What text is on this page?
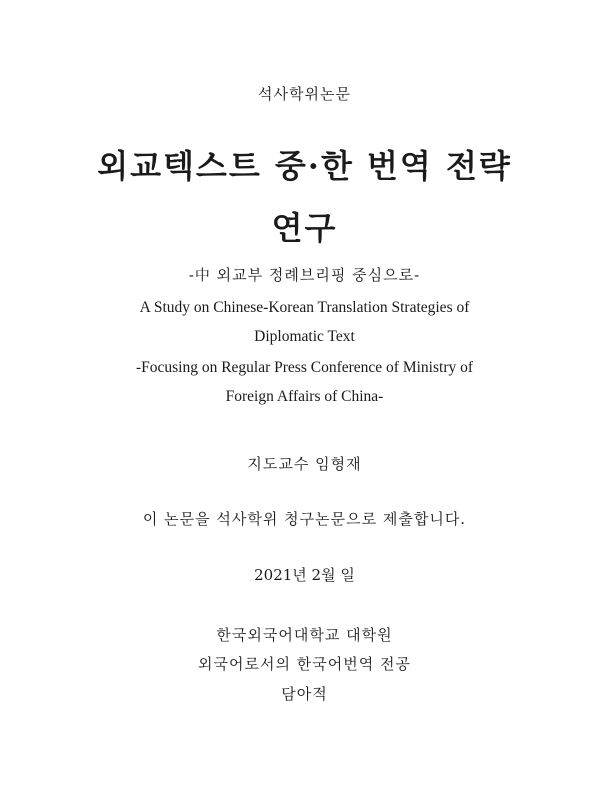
석사학위논문
외교텍스트 중·한 번역 전략
연구
-中 외교부 정례브리핑 중심으로-
A Study on Chinese-Korean Translation Strategies of
Diplomatic Text
-Focusing on Regular Press Conference of Ministry of
Foreign Affairs of China-
지도교수 임형재
이 논문을 석사학위 청구논문으로 제출합니다.
2021년 2월 일
한국외국어대학교 대학원
외국어로서의 한국어번역 전공
담아적
